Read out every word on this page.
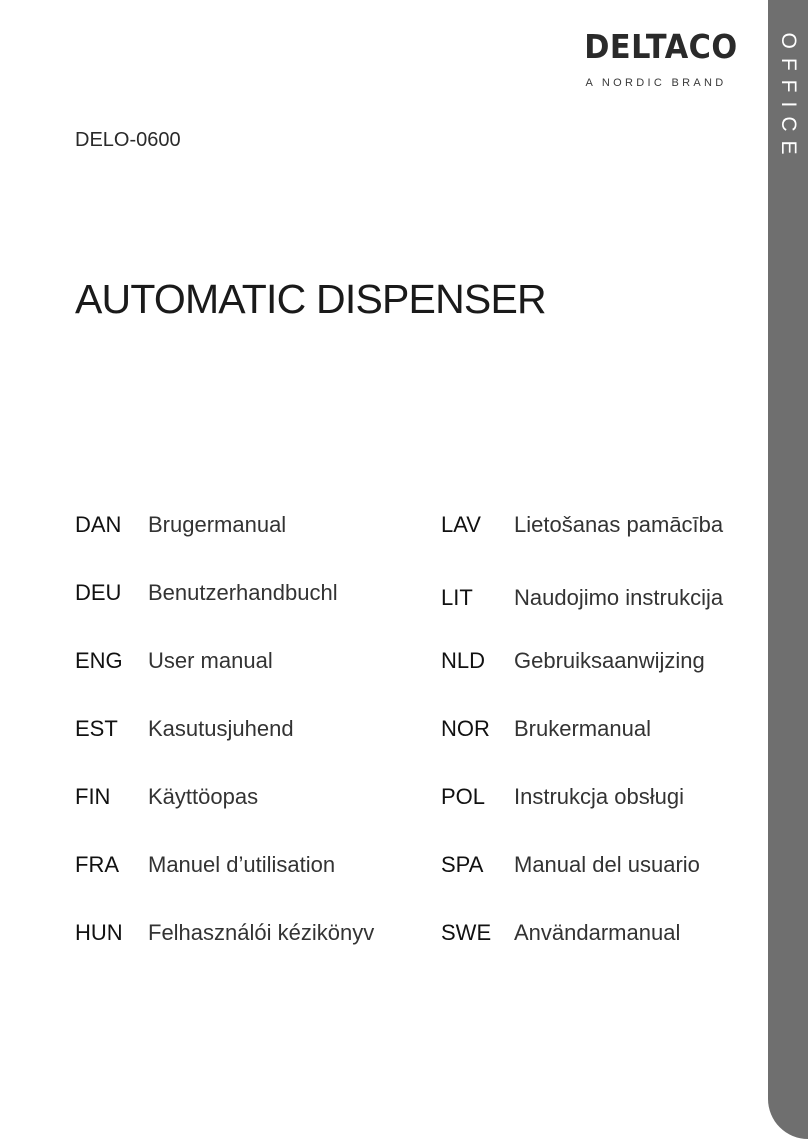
OFFICE
DELTACO
A NORDIC BRAND
DELO-0600
AUTOMATIC DISPENSER
DAN Brugermanual
DEU Benutzerhandbuchl
ENG User manual
EST Kasutusjuhend
FIN Käyttöopas
FRA Manuel d’utilisation
HUN Felhasználói kézikönyv
LAV Lietošanas pamācība
LIT Naudojimo instrukcija
NLD Gebruiksaanwijzing
NOR Brukermanual
POL Instrukcja obsługi
SPA Manual del usuario
SWE Användarmanual
